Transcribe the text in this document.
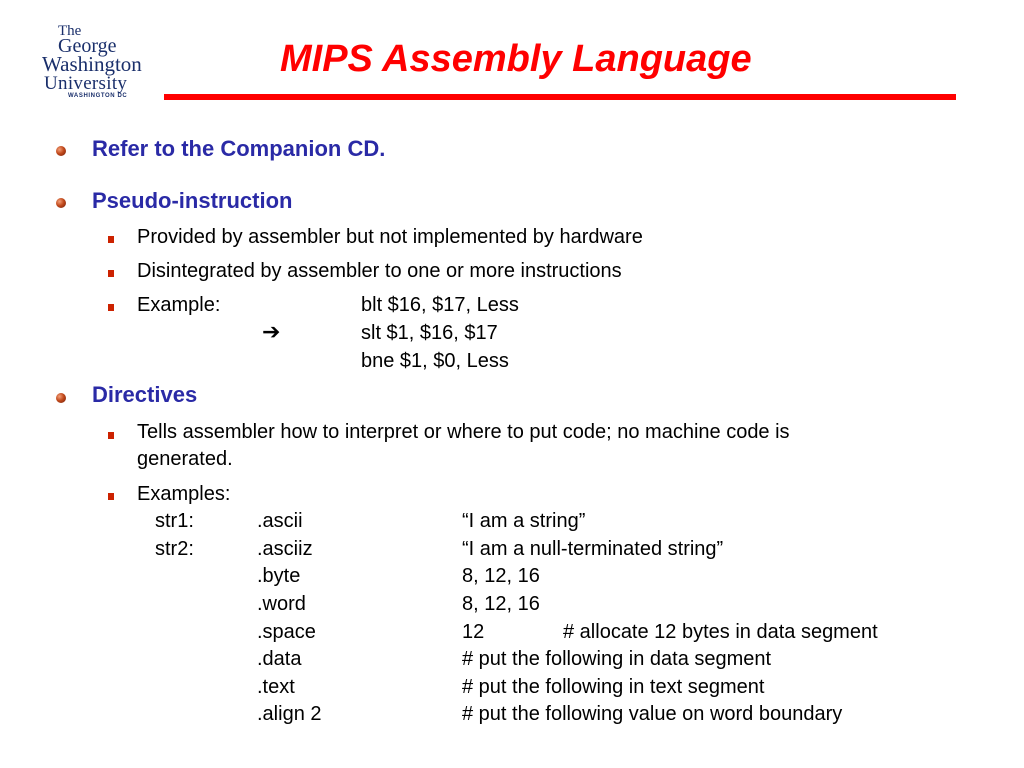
The
George
Washington
University
WASHINGTON DC
MIPS Assembly Language
Refer to the Companion CD.
Pseudo-instruction
Provided by assembler but not implemented by hardware
Disintegrated by assembler to one or more instructions
Example:	blt $16, $17, Less
➔	slt $1, $16, $17
bne $1, $0, Less
Directives
Tells assembler how to interpret or where to put code; no machine code is
generated.
Examples:
str1:	.ascii	“I am a string”
str2:	.asciiz	“I am a null-terminated string”
.byte	8, 12, 16
.word	8, 12, 16
.space	12	# allocate 12 bytes in data segment
.data	# put the following in data segment
.text	# put the following in text segment
.align 2	# put the following value on word boundary
